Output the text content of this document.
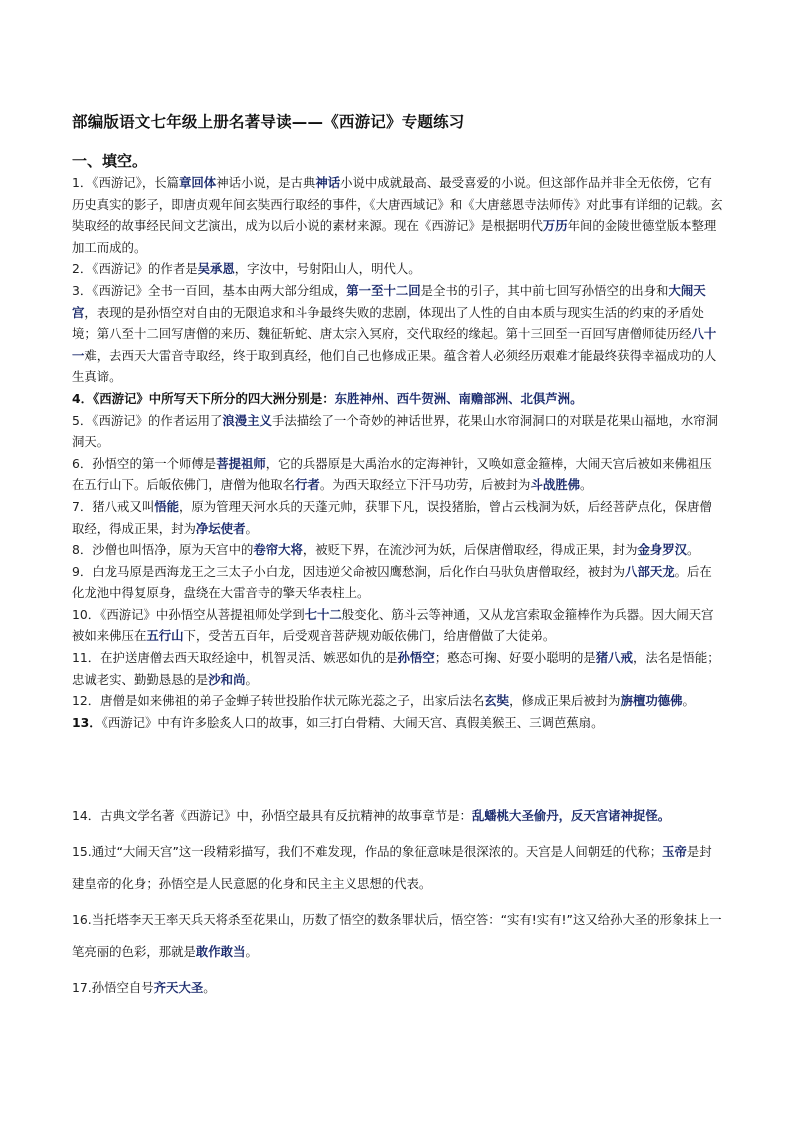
部编版语文七年级上册名著导读——《西游记》专题练习
一、填空。

1．《西游记》，长篇章回体神话小说，是古典神话小说中成就最高、最受喜爱的小说。但这部作品并非全无依傍，它有历史真实的影子，即唐贞观年间玄奘西行取经的事件，《大唐西域记》和《大唐慈恩寺法师传》对此事有详细的记载。玄奘取经的故事经民间文艺演出，成为以后小说的素材来源。现在《西游记》是根据明代万历年间的金陵世德堂版本整理加工而成的。

2．《西游记》的作者是吴承恩，字汝中，号射阳山人，明代人。

3．《西游记》全书一百回，基本由两大部分组成，第一至十二回是全书的引子，其中前七回写孙悟空的出身和大闹天宫，表现的是孙悟空对自由的无限追求和斗争最终失败的悲剧，体现出了人性的自由本质与现实生活的约束的矛盾处境；第八至十二回写唐僧的来历、魏征斩蛇、唐太宗入冥府，交代取经的缘起。第十三回至一百回写唐僧师徒历经八十一难，去西天大雷音寺取经，终于取到真经，他们自己也修成正果。蕴含着人必须经历艰难才能最终获得幸福成功的人生真谛。

4．《西游记》中所写天下所分的四大洲分别是：东胜神州、西牛贺洲、南赡部洲、北俱芦洲。

5．《西游记》的作者运用了浪漫主义手法描绘了一个奇妙的神话世界，花果山水帘洞洞口的对联是花果山福地，水帘洞洞天。

6．孙悟空的第一个师傅是菩提祖师，它的兵器原是大禹治水的定海神针，又唤如意金箍棒，大闹天宫后被如来佛祖压在五行山下。后皈依佛门，唐僧为他取名行者。为西天取经立下汗马功劳，后被封为斗战胜佛。

7．猪八戒又叫悟能，原为管理天河水兵的天蓬元帅，获罪下凡，误投猪胎，曾占云栈洞为妖，后经菩萨点化，保唐僧取经，得成正果，封为净坛使者。

8．沙僧也叫悟净，原为天宫中的卷帘大将，被贬下界，在流沙河为妖，后保唐僧取经，得成正果，封为金身罗汉。

9．白龙马原是西海龙王之三太子小白龙，因违逆父命被囚鹰愁涧，后化作白马驮负唐僧取经，被封为八部天龙。后在化龙池中得复原身，盘绕在大雷音寺的擎天华表柱上。

10．《西游记》中孙悟空从菩提祖师处学到七十二般变化、筋斗云等神通，又从龙宫索取金箍棒作为兵器。因大闹天宫被如来佛压在五行山下，受苦五百年，后受观音菩萨规劝皈依佛门，给唐僧做了大徒弟。

11．在护送唐僧去西天取经途中，机智灵活、嫉恶如仇的是孙悟空；憨态可掬、好耍小聪明的是猪八戒，法名是悟能；忠诚老实、勤勤恳恳的是沙和尚。

12．唐僧是如来佛祖的弟子金蝉子转世投胎作状元陈光蕊之子，出家后法名玄奘，修成正果后被封为旃檀功德佛。

13．《西游记》中有许多脍炙人口的故事，如三打白骨精、大闹天宫、真假美猴王、三调芭蕉扇。

14．古典文学名著《西游记》中，孙悟空最具有反抗精神的故事章节是：乱蟠桃大圣偷丹，反天宫诸神捉怪。

15.通过“大闹天宫”这一段精彩描写，我们不难发现，作品的象征意味是很深浓的。天宫是人间朝廷的代称；玉帝是封建皇帝的化身；孙悟空是人民意愿的化身和民主主义思想的代表。

16.当托塔李天王率天兵天将杀至花果山，历数了悟空的数条罪状后，悟空答：“实有!实有!”这又给孙大圣的形象抹上一笔亮丽的色彩，那就是敢作敢当。

17.孙悟空自号齐天大圣。
